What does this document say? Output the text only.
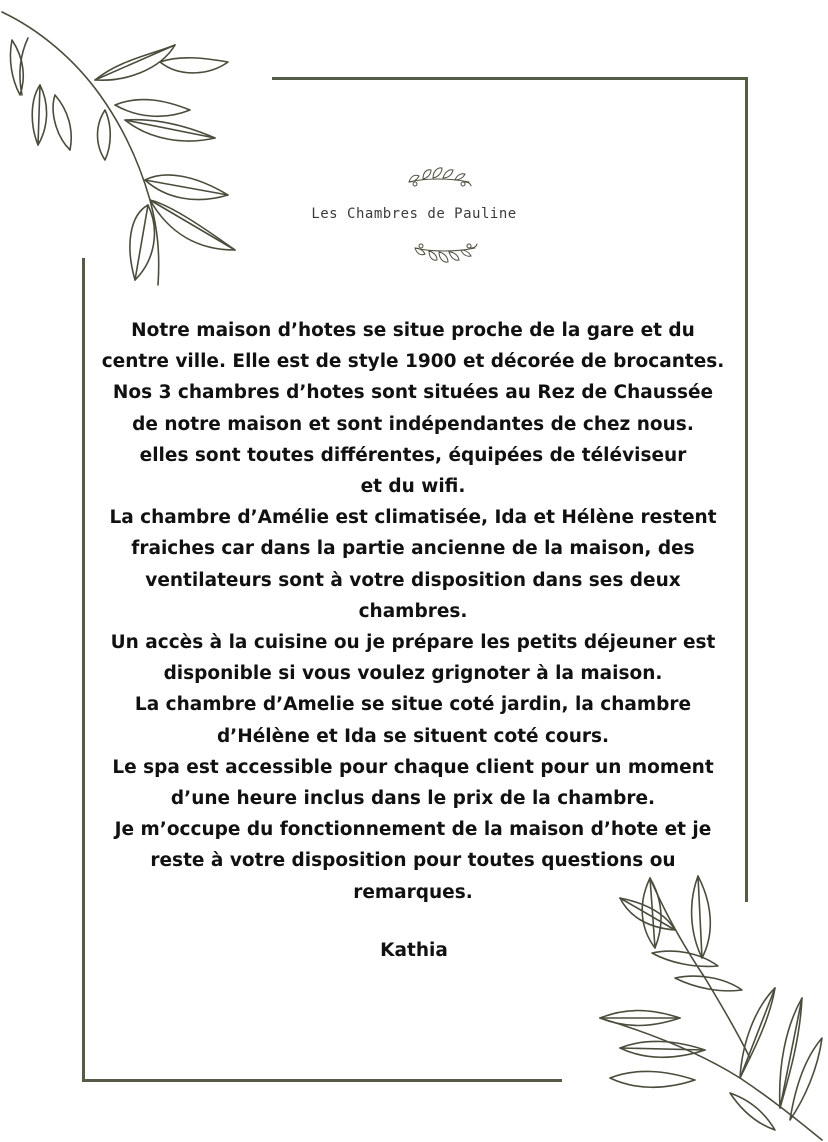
Les Chambres de Pauline
Notre maison d’hotes se situe proche de la gare et du
centre ville. Elle est de style 1900 et décorée de brocantes.
Nos 3 chambres d’hotes sont situées au Rez de Chaussée
de notre maison et sont indépendantes de chez nous.
elles sont toutes différentes, équipées de téléviseur
et du wifi.
La chambre d’Amélie est climatisée, Ida et Hélène restent
fraiches car dans la partie ancienne de la maison, des
ventilateurs sont à votre disposition dans ses deux
chambres.
Un accès à la cuisine ou je prépare les petits déjeuner est
disponible si vous voulez grignoter à la maison.
La chambre d’Amelie se situe coté jardin, la chambre
d’Hélène et Ida se situent coté cours.
Le spa est accessible pour chaque client pour un moment
d’une heure inclus dans le prix de la chambre.
Je m’occupe du fonctionnement de la maison d’hote et je
reste à votre disposition pour toutes questions ou
remarques.
Kathia
